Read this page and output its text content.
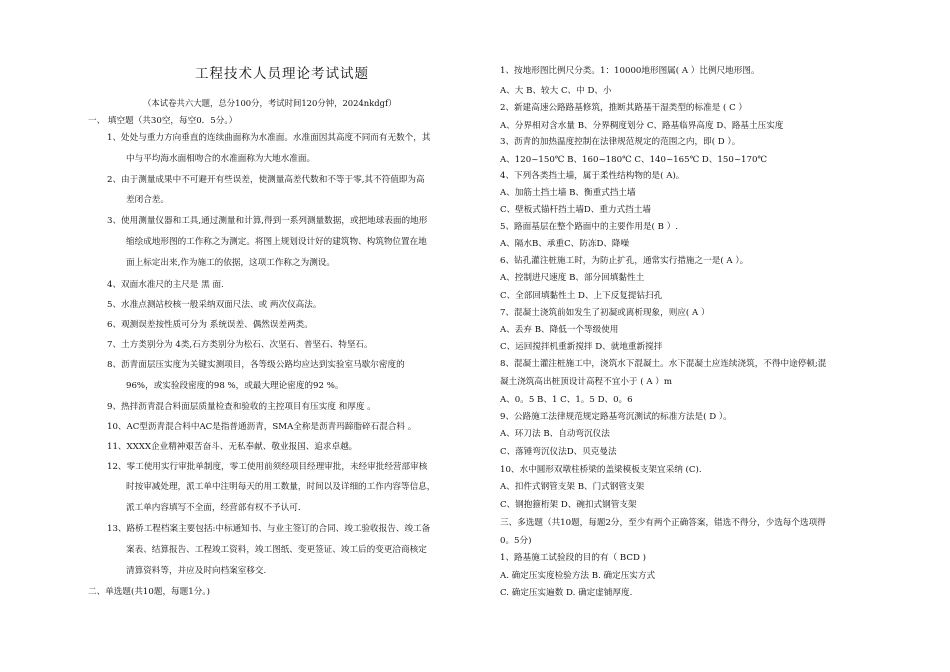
工程技术人员理论考试试题
（本试卷共六大题，总分100分，考试时间120分钟，2024nkdgf）
一、 填空题（共30空，每空0．5分。）
1、处处与重力方向垂直的连续曲面称为水准面。水准面因其高度不同而有无数个，其
中与平均海水面相吻合的水准面称为大地水准面。
2、由于测量成果中不可避开有些误差，使测量高差代数和不等于零,其不符值即为高
差闭合差。
3、使用测量仪器和工具,通过测量和计算,得到一系列测量数据，或把地球表面的地形
缩绘成地形图的工作称之为测定。将图上规划设计好的建筑物、构筑物位置在地
面上标定出来,作为施工的依据，这项工作称之为测设。
4、双面水准尺的主尺是 黑 面.
5、水准点测站校核一般采纳双面尺法、或 两次仪高法。
6、观测误差按性质可分为 系统误差、偶然误差两类。
7、土方类别分为 4类,石方类别分为松石、次坚石、普坚石、特坚石。
8、沥青面层压实度为关键实测项目，各等级公路均应达到实验室马歇尔密度的
96%，或实验段密度的98 %，或最大理论密度的92 %。
9、热拌沥青混合料面层质量检查和验收的主控项目有压实度 和厚度 。
10、AC型沥青混合料中AC是指普通沥青，SMA全称是沥青玛蹄脂碎石混合料 。
11、XXXX企业精神艰苦奋斗、无私奉献、敬业报国、追求卓越。
12、零工使用实行审批单制度，零工使用前须经项目经理审批，未经审批经营部审核
时按审减处理，派工单中注明每天的用工数量，时间以及详细的工作内容等信息，
派工单内容填写不全面，经营部有权不予认可.
13、路桥工程档案主要包括:中标通知书、与业主签订的合同、竣工验收报告、竣工备
案表、结算报告、工程竣工资料，竣工图纸、变更签证、竣工后的变更洽商核定
清算资料等，并应及时向档案室移交.
二、单选题(共10题，每题1分。)
1、按地形图比例尺分类。1：10000地形图属( A ）比例尺地形图。
A、大 B、较大 C、中 D、小
2、新建高速公路路基修筑，推断其路基干湿类型的标准是 ( C ）
A、分界相对含水量 B、分界稠度划分 C、路基临界高度 D、路基土压实度
3、沥青的加热温度控制在法律规范规定的范围之内，即( D ）。
A、120~150℃ B、160~180℃ C、140~165℃ D、150~170℃
4、下列各类挡土墙，属于柔性结构物的是( A)。
A、加筋土挡土墙 B、衡重式挡土墙
C、壁板式锚杆挡土墙D、重力式挡土墙
5、路面基层在整个路面中的主要作用是( B ）.
A、隔水B、承重C、防冻D、降噪
6、钻孔灌注桩施工时，为防止扩孔，通常实行措施之一是( A ）。
A、控制进尺速度 B、部分回填黏性土
C、全部回填黏性土 D、上下反复提钻扫孔
7、混凝土浇筑前如发生了初凝或离析现象，则应( A ）
A、丢弃 B、降低一个等级使用
C、运回搅拌机重新搅拌 D、就地重新搅拌
8、混凝土灌注桩施工中，浇筑水下混凝土。水下混凝土应连续浇筑，不得中途停顿;混
凝土浇筑高出桩顶设计高程不宜小于 ( A ）m
A、0。5 B、1 C、1。5 D、0。6
9、公路施工法律规范规定路基弯沉测试的标准方法是( D ）。
A、环刀法 B、自动弯沉仪法
C、落锤弯沉仪法D、贝克曼法
10、水中圆形双墩柱桥梁的盖梁模板支架宜采纳 (C).
A、扣件式钢管支架 B、门式钢管支架
C、钢抱箍桁架 D、碗扣式钢管支架
三、多选题（共10题，每题2分，至少有两个正确答案，错选不得分，少选每个选项得
0。5分)
1、路基施工试验段的目的有（ BCD )
A. 确定压实度检验方法 B. 确定压实方式
C. 确定压实遍数 D. 确定虚铺厚度.
